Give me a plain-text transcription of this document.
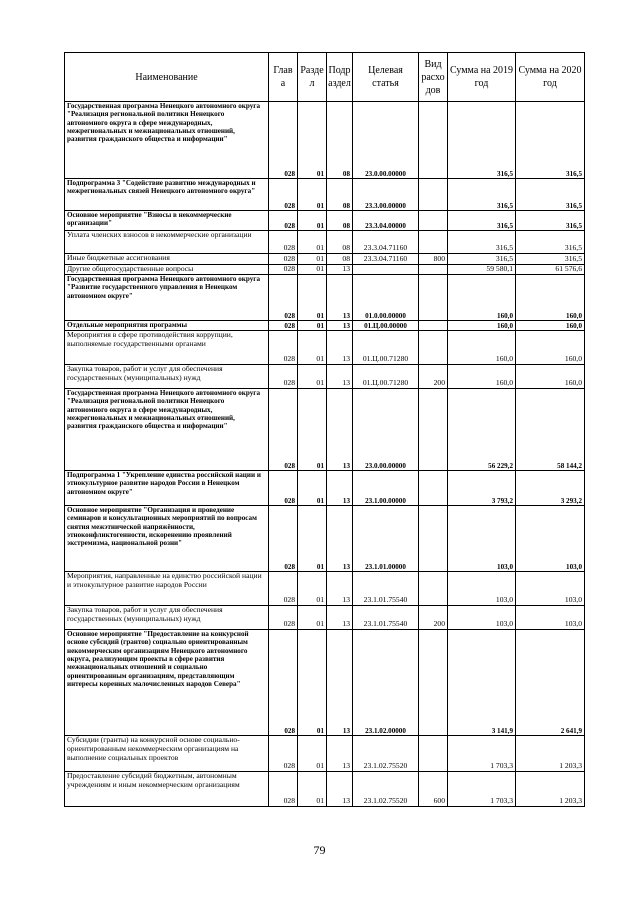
Наименование	Глав а	Разде л	Подр аздел	Целевая статья	Вид расхо дов	Сумма на 2019 год	Сумма на 2020 год
Государственная программа Ненецкого автономного округа "Реализация региональной политики Ненецкого автономного округа в сфере международных, межрегиональных и межнациональных отношений, развития гражданского общества и информации"	028	01	08	23.0.00.00000		316,5	316,5
Подпрограмма 3 "Содействие развитию международных и межрегиональных связей Ненецкого автономного округа"	028	01	08	23.3.00.00000		316,5	316,5
Основное мероприятие "Взносы в некоммерческие организации"	028	01	08	23.3.04.00000		316,5	316,5
Уплата членских взносов в некоммерческие организации	028	01	08	23.3.04.71160		316,5	316,5
Иные бюджетные ассигнования	028	01	08	23.3.04.71160	800	316,5	316,5
Другие общегосударственные вопросы	028	01	13			59 580,1	61 576,6
Государственная программа Ненецкого автономного округа "Развитие государственного управления в Ненецком автономном округе"	028	01	13	01.0.00.00000		160,0	160,0
Отдельные мероприятия программы	028	01	13	01.Ц.00.00000		160,0	160,0
Мероприятия в сфере противодействия коррупции, выполняемые государственными органами	028	01	13	01.Ц.00.71280		160,0	160,0
Закупка товаров, работ и услуг для обеспечения государственных (муниципальных) нужд	028	01	13	01.Ц.00.71280	200	160,0	160,0
Государственная программа Ненецкого автономного округа "Реализация региональной политики Ненецкого автономного округа в сфере международных, межрегиональных и межнациональных отношений, развития гражданского общества и информации"	028	01	13	23.0.00.00000		56 229,2	58 144,2
Подпрограмма 1 "Укрепление единства российской нации и этнокультурное развитие народов России в Ненецком автономном округе"	028	01	13	23.1.00.00000		3 793,2	3 293,2
Основное мероприятие "Организация и проведение семинаров и консультационных мероприятий по вопросам снятия межэтнической напряжённости, этноконфликтогенности, искоренению проявлений экстремизма, национальной розни"	028	01	13	23.1.01.00000		103,0	103,0
Мероприятия, направленные на единство российской нации и этнокультурное развитие народов России	028	01	13	23.1.01.75540		103,0	103,0
Закупка товаров, работ и услуг для обеспечения государственных (муниципальных) нужд	028	01	13	23.1.01.75540	200	103,0	103,0
Основное мероприятие "Предоставление на конкурсной основе субсидий (грантов) социально ориентированным некоммерческим организациям Ненецкого автономного округа, реализующим проекты в сфере развития межнациональных отношений и социально ориентированным организациям, представляющим интересы коренных малочисленных народов Севера"	028	01	13	23.1.02.00000		3 141,9	2 641,9
Субсидии (гранты) на конкурсной основе социально-ориентированным некоммерческим организациям на выполнение социальных проектов	028	01	13	23.1.02.75520		1 703,3	1 203,3
Предоставление субсидий бюджетным, автономным учреждениям и иным некоммерческим организациям	028	01	13	23.1.02.75520	600	1 703,3	1 203,3
79
